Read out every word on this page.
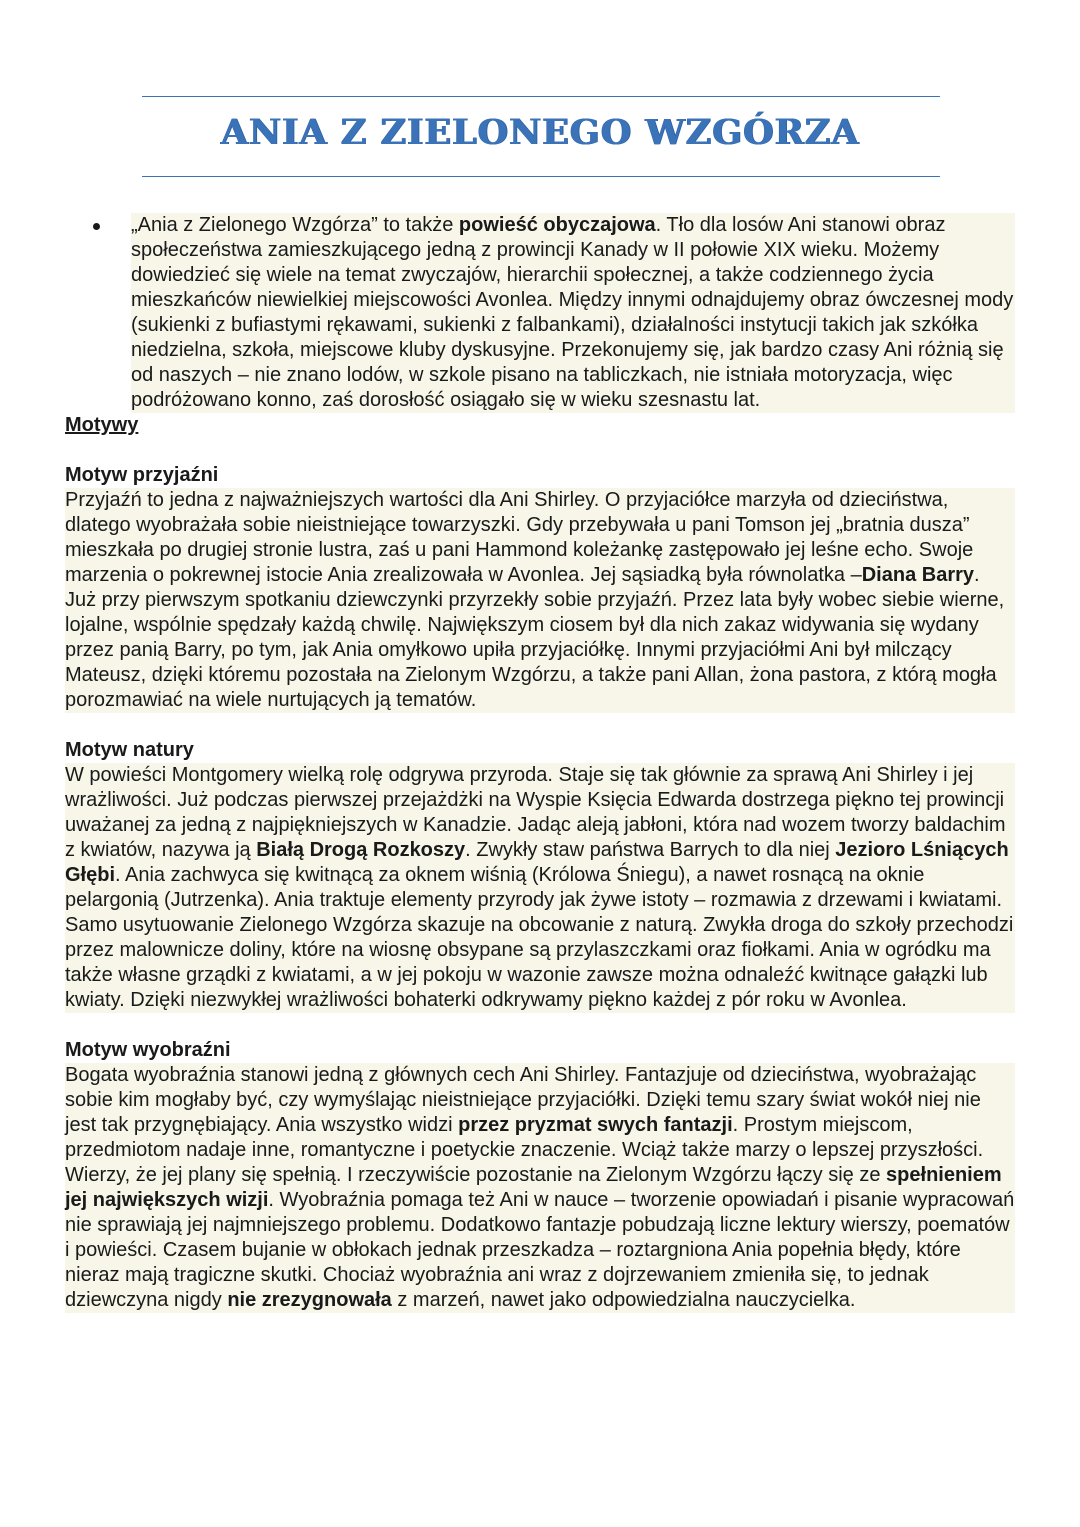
ANIA Z ZIELONEGO WZGÓRZA

„Ania z Zielonego Wzgórza” to także powieść obyczajowa. Tło dla losów Ani stanowi obraz społeczeństwa zamieszkującego jedną z prowincji Kanady w II połowie XIX wieku. Możemy dowiedzieć się wiele na temat zwyczajów, hierarchii społecznej, a także codziennego życia mieszkańców niewielkiej miejscowości Avonlea. Między innymi odnajdujemy obraz ówczesnej mody (sukienki z bufiastymi rękawami, sukienki z falbankami), działalności instytucji takich jak szkółka niedzielna, szkoła, miejscowe kluby dyskusyjne. Przekonujemy się, jak bardzo czasy Ani różnią się od naszych – nie znano lodów, w szkole pisano na tabliczkach, nie istniała motoryzacja, więc podróżowano konno, zaś dorosłość osiągało się w wieku szesnastu lat.

Motywy

Motyw przyjaźni

Przyjaźń to jedna z najważniejszych wartości dla Ani Shirley. O przyjaciółce marzyła od dzieciństwa, dlatego wyobrażała sobie nieistniejące towarzyszki. Gdy przebywała u pani Tomson jej „bratnia dusza” mieszkała po drugiej stronie lustra, zaś u pani Hammond koleżankę zastępowało jej leśne echo. Swoje marzenia o pokrewnej istocie Ania zrealizowała w Avonlea. Jej sąsiadką była równolatka –Diana Barry. Już przy pierwszym spotkaniu dziewczynki przyrzekły sobie przyjaźń. Przez lata były wobec siebie wierne, lojalne, wspólnie spędzały każdą chwilę. Największym ciosem był dla nich zakaz widywania się wydany przez panią Barry, po tym, jak Ania omyłkowo upiła przyjaciółkę. Innymi przyjaciółmi Ani był milczący Mateusz, dzięki któremu pozostała na Zielonym Wzgórzu, a także pani Allan, żona pastora, z którą mogła porozmawiać na wiele nurtujących ją tematów.

Motyw natury

W powieści Montgomery wielką rolę odgrywa przyroda. Staje się tak głównie za sprawą Ani Shirley i jej wrażliwości. Już podczas pierwszej przejażdżki na Wyspie Księcia Edwarda dostrzega piękno tej prowincji uważanej za jedną z najpiękniejszych w Kanadzie. Jadąc aleją jabłoni, która nad wozem tworzy baldachim z kwiatów, nazywa ją Białą Drogą Rozkoszy. Zwykły staw państwa Barrych to dla niej Jezioro Lśniących Głębi. Ania zachwyca się kwitnącą za oknem wiśnią (Królowa Śniegu), a nawet rosnącą na oknie pelargonią (Jutrzenka). Ania traktuje elementy przyrody jak żywe istoty – rozmawia z drzewami i kwiatami. Samo usytuowanie Zielonego Wzgórza skazuje na obcowanie z naturą. Zwykła droga do szkoły przechodzi przez malownicze doliny, które na wiosnę obsypane są przylaszczkami oraz fiołkami. Ania w ogródku ma także własne grządki z kwiatami, a w jej pokoju w wazonie zawsze można odnaleźć kwitnące gałązki lub kwiaty. Dzięki niezwykłej wrażliwości bohaterki odkrywamy piękno każdej z pór roku w Avonlea.

Motyw wyobraźni

Bogata wyobraźnia stanowi jedną z głównych cech Ani Shirley. Fantazjuje od dzieciństwa, wyobrażając sobie kim mogłaby być, czy wymyślając nieistniejące przyjaciółki. Dzięki temu szary świat wokół niej nie jest tak przygnębiający. Ania wszystko widzi przez pryzmat swych fantazji. Prostym miejscom, przedmiotom nadaje inne, romantyczne i poetyckie znaczenie. Wciąż także marzy o lepszej przyszłości. Wierzy, że jej plany się spełnią. I rzeczywiście pozostanie na Zielonym Wzgórzu łączy się ze spełnieniem jej największych wizji. Wyobraźnia pomaga też Ani w nauce – tworzenie opowiadań i pisanie wypracowań nie sprawiają jej najmniejszego problemu. Dodatkowo fantazje pobudzają liczne lektury wierszy, poematów i powieści. Czasem bujanie w obłokach jednak przeszkadza – roztargniona Ania popełnia błędy, które nieraz mają tragiczne skutki. Chociaż wyobraźnia ani wraz z dojrzewaniem zmieniła się, to jednak dziewczyna nigdy nie zrezygnowała z marzeń, nawet jako odpowiedzialna nauczycielka.
